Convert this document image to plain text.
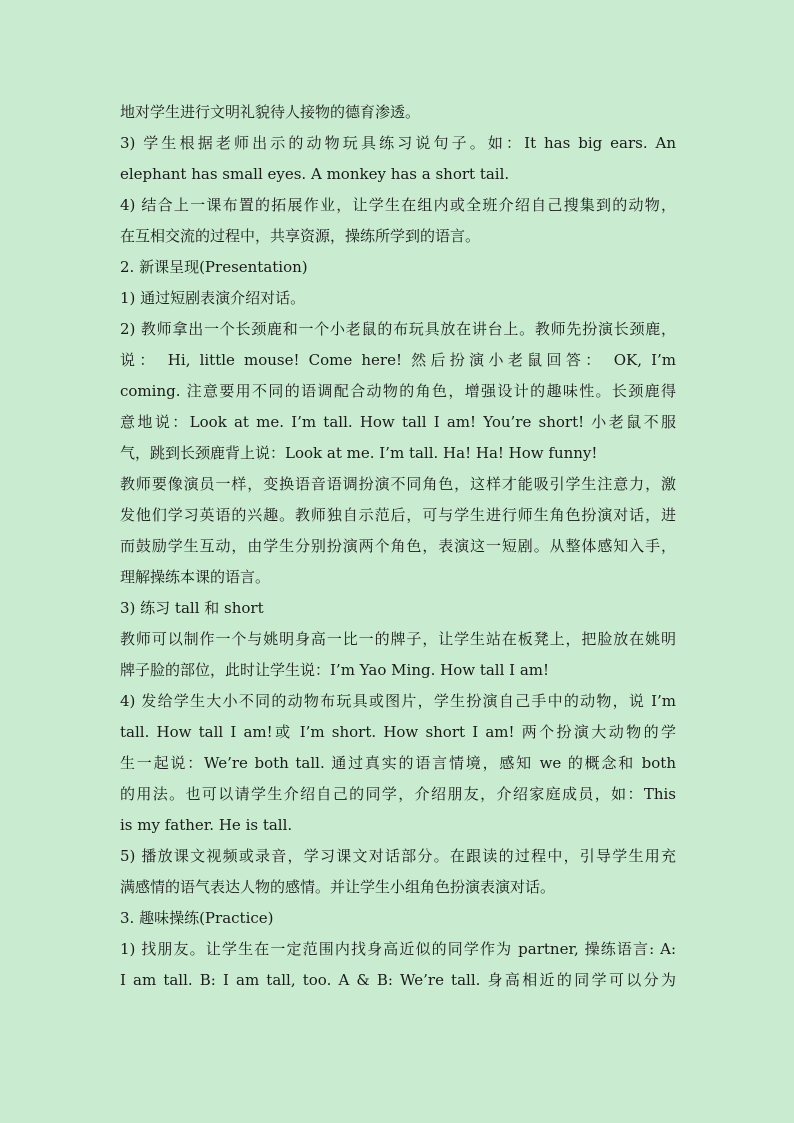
地对学生进行文明礼貌待人接物的德育渗透。
3) 学生根据老师出示的动物玩具练习说句子。如：It has big ears. An
elephant has small eyes. A monkey has a short tail.
4) 结合上一课布置的拓展作业，让学生在组内或全班介绍自己搜集到的动物，
在互相交流的过程中，共享资源，操练所学到的语言。
2. 新课呈现(Presentation)
1) 通过短剧表演介绍对话。
2) 教师拿出一个长颈鹿和一个小老鼠的布玩具放在讲台上。教师先扮演长颈鹿，
说： Hi, little mouse! Come here! 然后扮演小老鼠回答： OK, I’m
coming. 注意要用不同的语调配合动物的角色，增强设计的趣味性。长颈鹿得
意地说：Look at me. I’m tall. How tall I am! You’re short! 小老鼠不服
气，跳到长颈鹿背上说：Look at me. I’m tall. Ha! Ha! How funny!
教师要像演员一样，变换语音语调扮演不同角色，这样才能吸引学生注意力，激
发他们学习英语的兴趣。教师独自示范后，可与学生进行师生角色扮演对话，进
而鼓励学生互动，由学生分别扮演两个角色，表演这一短剧。从整体感知入手，
理解操练本课的语言。
3) 练习 tall 和 short
教师可以制作一个与姚明身高一比一的牌子，让学生站在板凳上，把脸放在姚明
牌子脸的部位，此时让学生说：I’m Yao Ming. How tall I am!
4) 发给学生大小不同的动物布玩具或图片，学生扮演自己手中的动物，说 I’m
tall. How tall I am!或 I’m short. How short I am! 两个扮演大动物的学
生一起说：We’re both tall. 通过真实的语言情境，感知 we 的概念和 both
的用法。也可以请学生介绍自己的同学，介绍朋友，介绍家庭成员，如：This
is my father. He is tall.
5) 播放课文视频或录音，学习课文对话部分。在跟读的过程中，引导学生用充
满感情的语气表达人物的感情。并让学生小组角色扮演表演对话。
3. 趣味操练(Practice)
1) 找朋友。让学生在一定范围内找身高近似的同学作为 partner, 操练语言: A:
I am tall. B: I am tall, too. A & B: We’re tall. 身高相近的同学可以分为
